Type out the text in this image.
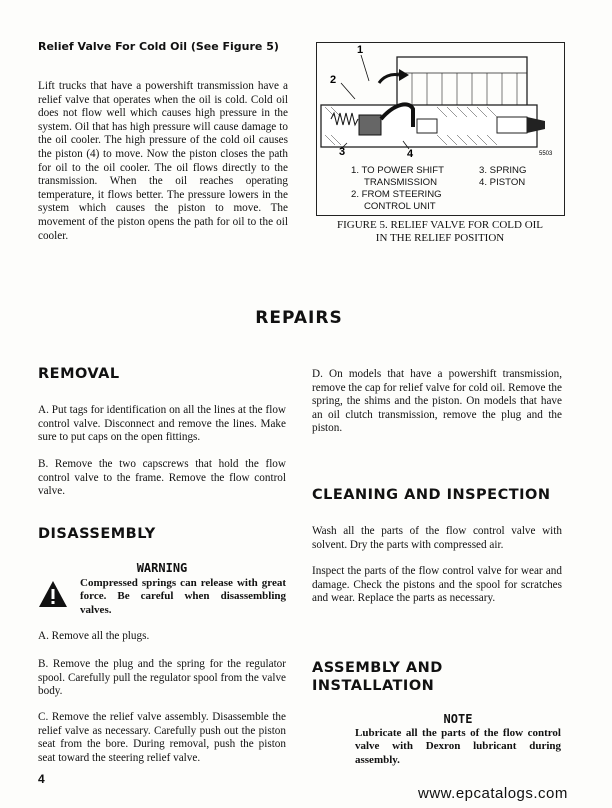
Relief Valve For Cold Oil (See Figure 5)

Lift trucks that have a powershift transmission have a relief valve that operates when the oil is cold. Cold oil does not flow well which causes high pressure in the system. Oil that has high pressure will cause damage to the oil cooler. The high pressure of the cold oil causes the piston (4) to move. Now the piston closes the path for oil to the oil cooler. The oil flows directly to the transmission. When the oil reaches operating temperature, it flows better. The pressure lowers in the system which causes the piston to move. The movement of the piston opens the path for oil to the oil cooler.

1
2
3	4	5503
1. TO POWER SHIFT
TRANSMISSION
2. FROM STEERING
CONTROL UNIT
3. SPRING
4. PISTON
FIGURE 5. RELIEF VALVE FOR COLD OIL
IN THE RELIEF POSITION
REPAIRS
REMOVAL

A. Put tags for identification on all the lines at the flow control valve. Disconnect and remove the lines. Make sure to put caps on the open fittings.

B. Remove the two capscrews that hold the flow control valve to the frame. Remove the flow control valve.

DISASSEMBLY
WARNING

Compressed springs can release with great force. Be careful when disassembling valves.

A. Remove all the plugs.

B. Remove the plug and the spring for the regulator spool. Carefully pull the regulator spool from the valve body.

C. Remove the relief valve assembly. Disassemble the relief valve as necessary. Carefully push out the piston seat from the bore. During removal, push the piston seat toward the steering relief valve.

D. On models that have a powershift transmission, remove the cap for relief valve for cold oil. Remove the spring, the shims and the piston. On models that have an oil clutch transmission, remove the plug and the piston.

CLEANING AND INSPECTION

Wash all the parts of the flow control valve with solvent. Dry the parts with compressed air.

Inspect the parts of the flow control valve for wear and damage. Check the pistons and the spool for scratches and wear. Replace the parts as necessary.

ASSEMBLY AND
INSTALLATION
NOTE

Lubricate all the parts of the flow control valve with Dexron lubricant during assembly.

4
www.epcatalogs.com
